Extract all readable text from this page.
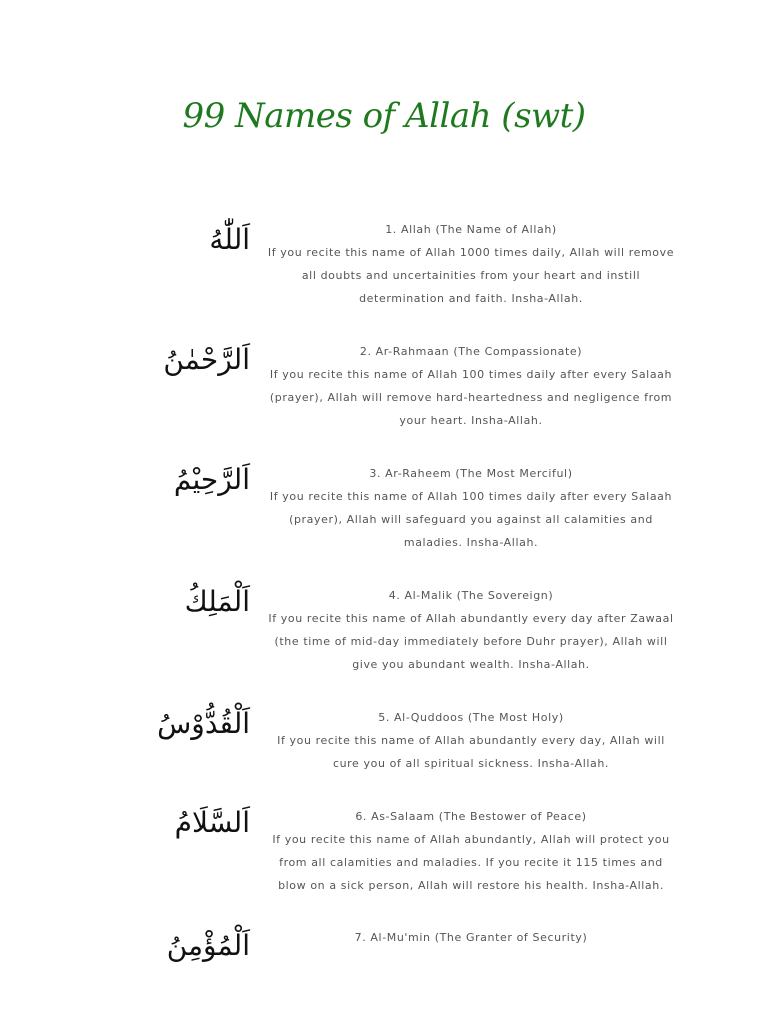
99 Names of Allah (swt)
اَللّٰهُ	1. Allah (The Name of Allah)
If you recite this name of Allah 1000 times daily, Allah will remove all doubts and uncertainities from your heart and instill determination and faith. Insha-Allah.
اَلرَّحْمٰنُ	2. Ar-Rahmaan (The Compassionate)
If you recite this name of Allah 100 times daily after every Salaah (prayer), Allah will remove hard-heartedness and negligence from your heart. Insha-Allah.
اَلرَّحِيْمُ	3. Ar-Raheem (The Most Merciful)
If you recite this name of Allah 100 times daily after every Salaah (prayer), Allah will safeguard you against all calamities and maladies. Insha-Allah.
اَلْمَلِكُ	4. Al-Malik (The Sovereign)
If you recite this name of Allah abundantly every day after Zawaal (the time of mid-day immediately before Duhr prayer), Allah will give you abundant wealth. Insha-Allah.
اَلْقُدُّوْسُ	5. Al-Quddoos (The Most Holy)
If you recite this name of Allah abundantly every day, Allah will cure you of all spiritual sickness. Insha-Allah.
اَلسَّلَامُ	6. As-Salaam (The Bestower of Peace)
If you recite this name of Allah abundantly, Allah will protect you from all calamities and maladies. If you recite it 115 times and blow on a sick person, Allah will restore his health. Insha-Allah.
اَلْمُؤْمِنُ	7. Al-Mu'min (The Granter of Security)
